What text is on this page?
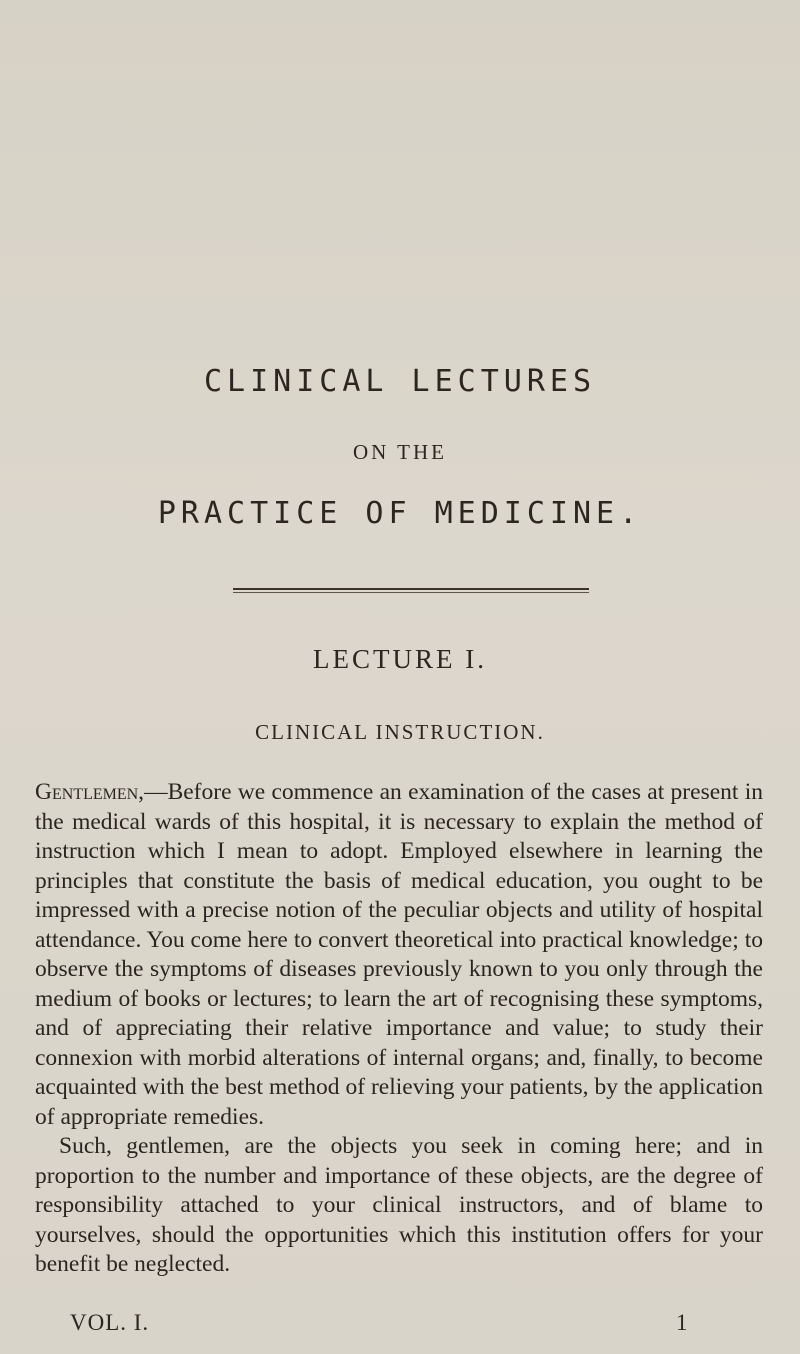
CLINICAL LECTURES
ON THE
PRACTICE OF MEDICINE.
LECTURE I.
CLINICAL INSTRUCTION.

Gentlemen,—Before we commence an examination of the cases at present in the medical wards of this hospital, it is necessary to explain the method of instruction which I mean to adopt. Employed elsewhere in learning the principles that constitute the basis of medical education, you ought to be impressed with a precise notion of the peculiar objects and utility of hospital attendance. You come here to convert theoretical into practical knowledge; to observe the symptoms of diseases previously known to you only through the medium of books or lectures; to learn the art of recognising these symptoms, and of appreciating their relative importance and value; to study their connexion with morbid alterations of internal organs; and, finally, to become acquainted with the best method of relieving your patients, by the application of appropriate remedies.

Such, gentlemen, are the objects you seek in coming here; and in proportion to the number and importance of these objects, are the degree of responsibility attached to your clinical instructors, and of blame to yourselves, should the opportunities which this institution offers for your benefit be neglected.

VOL. I.	1
